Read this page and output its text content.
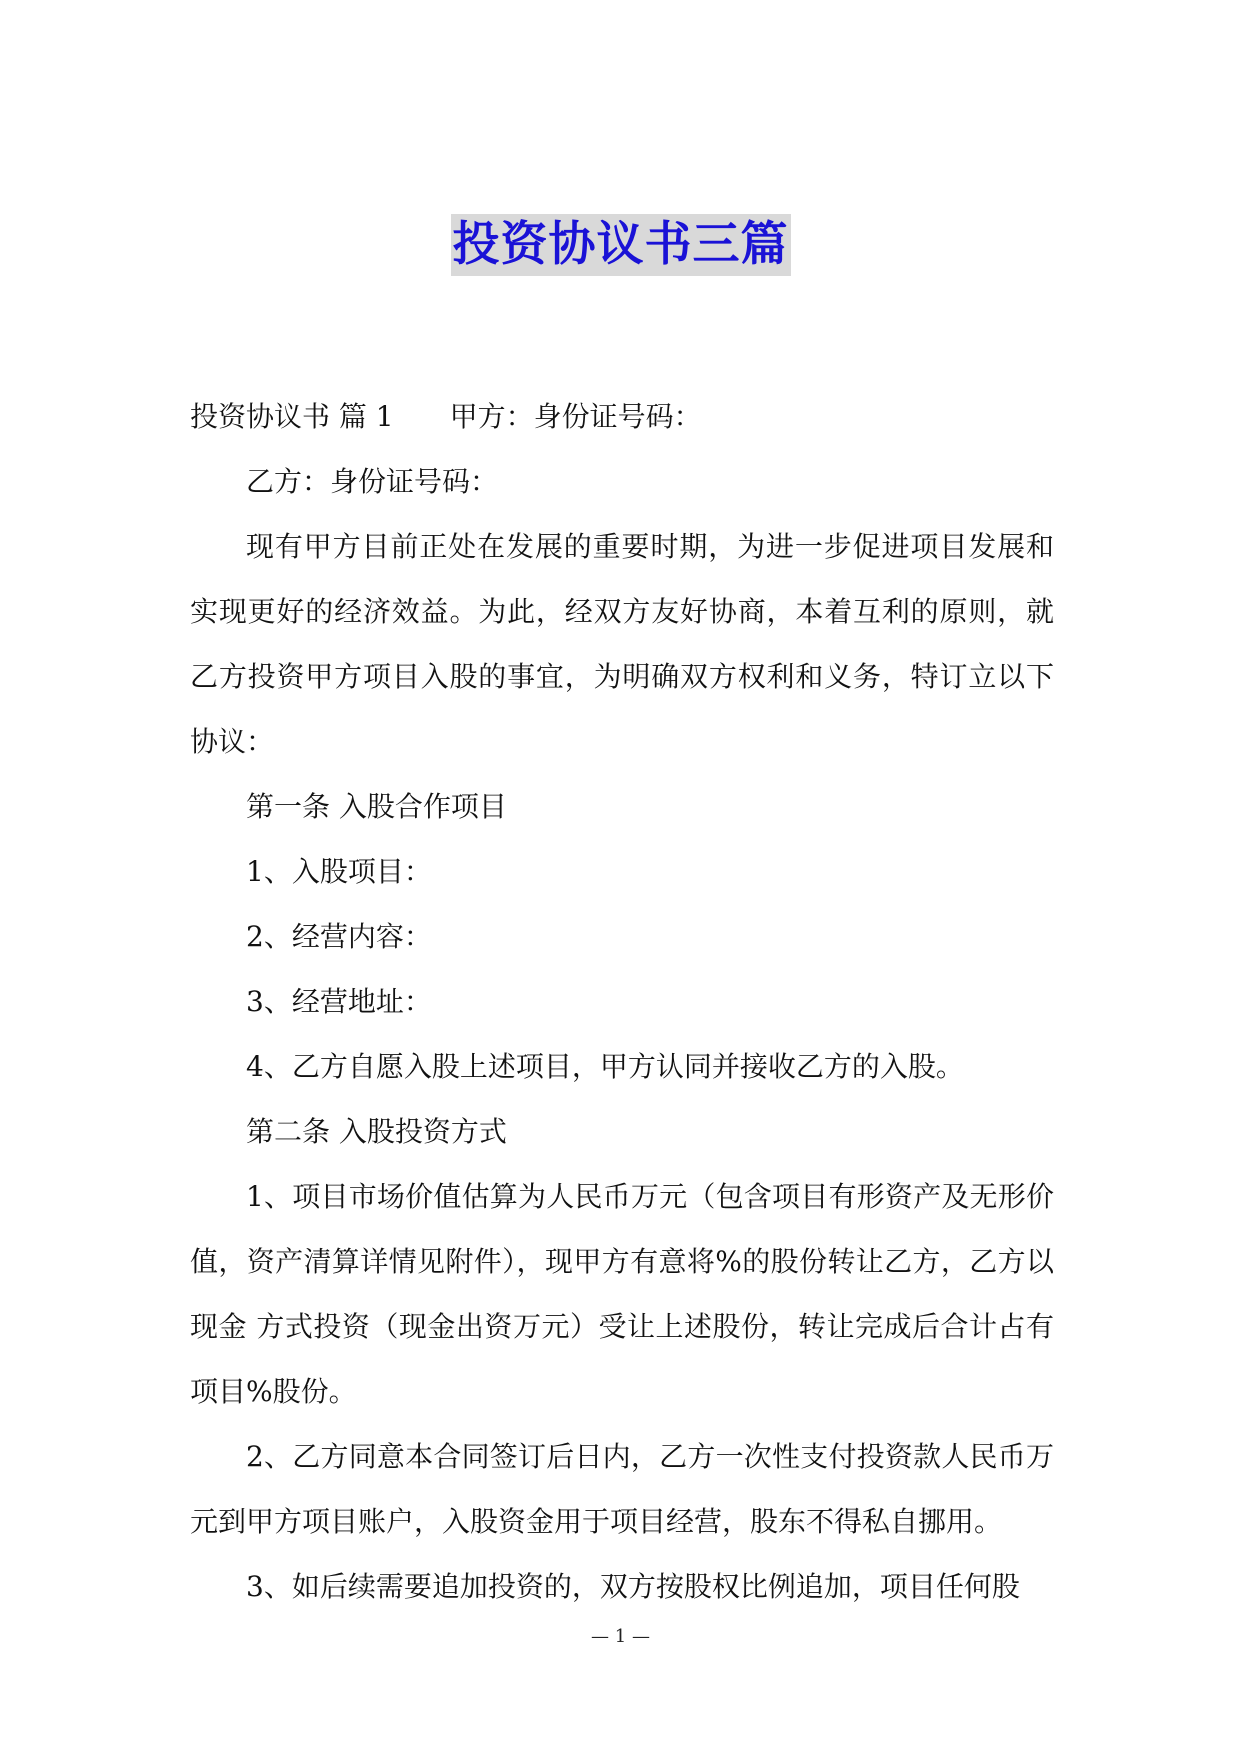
投资协议书三篇

投资协议书 篇 1 甲方：身份证号码：

乙方：身份证号码：

现有甲方目前正处在发展的重要时期，为进一步促进项目发展和实现更好的经济效益。为此，经双方友好协商，本着互利的原则，就乙方投资甲方项目入股的事宜，为明确双方权利和义务，特订立以下协议：

第一条 入股合作项目

1、入股项目：

2、经营内容：

3、经营地址：

4、乙方自愿入股上述项目，甲方认同并接收乙方的入股。

第二条 入股投资方式

1、项目市场价值估算为人民币万元（包含项目有形资产及无形价值，资产清算详情见附件），现甲方有意将%的股份转让乙方，乙方以现金 方式投资（现金出资万元）受让上述股份，转让完成后合计占有项目%股份。

2、乙方同意本合同签订后日内，乙方一次性支付投资款人民币万元到甲方项目账户，入股资金用于项目经营，股东不得私自挪用。

3、如后续需要追加投资的，双方按股权比例追加，项目任何股

— 1 —
